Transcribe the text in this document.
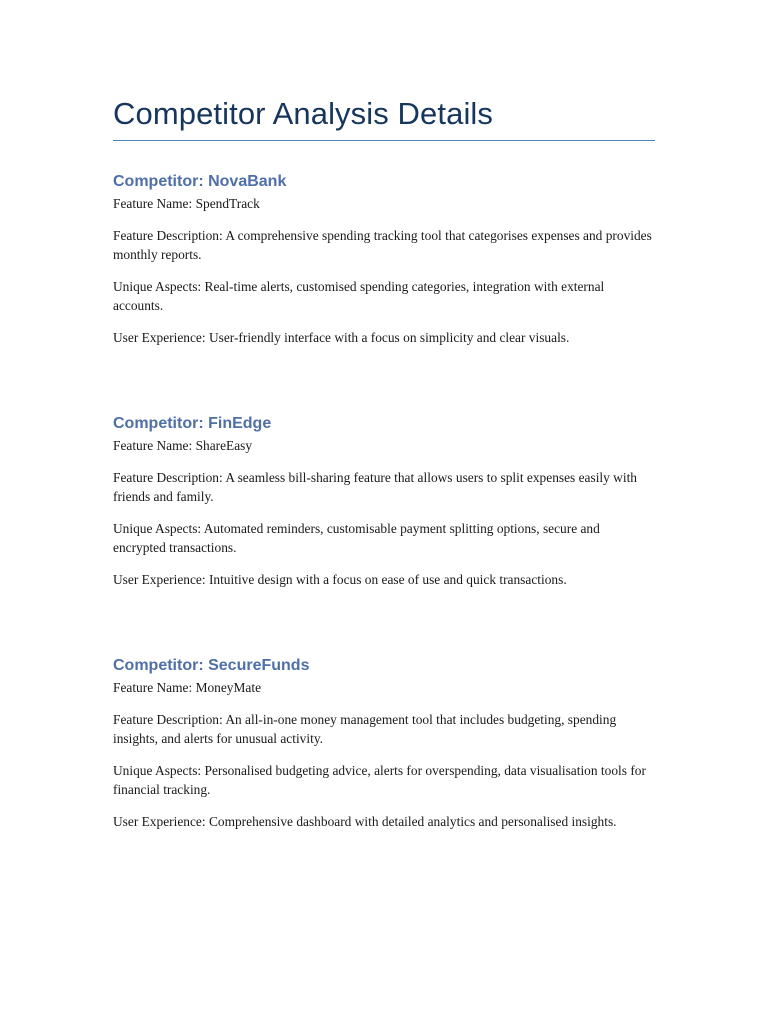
Competitor Analysis Details
Competitor: NovaBank

Feature Name: SpendTrack

Feature Description: A comprehensive spending tracking tool that categorises expenses and provides monthly reports.

Unique Aspects: Real-time alerts, customised spending categories, integration with external accounts.

User Experience: User-friendly interface with a focus on simplicity and clear visuals.

Competitor: FinEdge

Feature Name: ShareEasy

Feature Description: A seamless bill-sharing feature that allows users to split expenses easily with friends and family.

Unique Aspects: Automated reminders, customisable payment splitting options, secure and encrypted transactions.

User Experience: Intuitive design with a focus on ease of use and quick transactions.

Competitor: SecureFunds

Feature Name: MoneyMate

Feature Description: An all-in-one money management tool that includes budgeting, spending insights, and alerts for unusual activity.

Unique Aspects: Personalised budgeting advice, alerts for overspending, data visualisation tools for financial tracking.

User Experience: Comprehensive dashboard with detailed analytics and personalised insights.
